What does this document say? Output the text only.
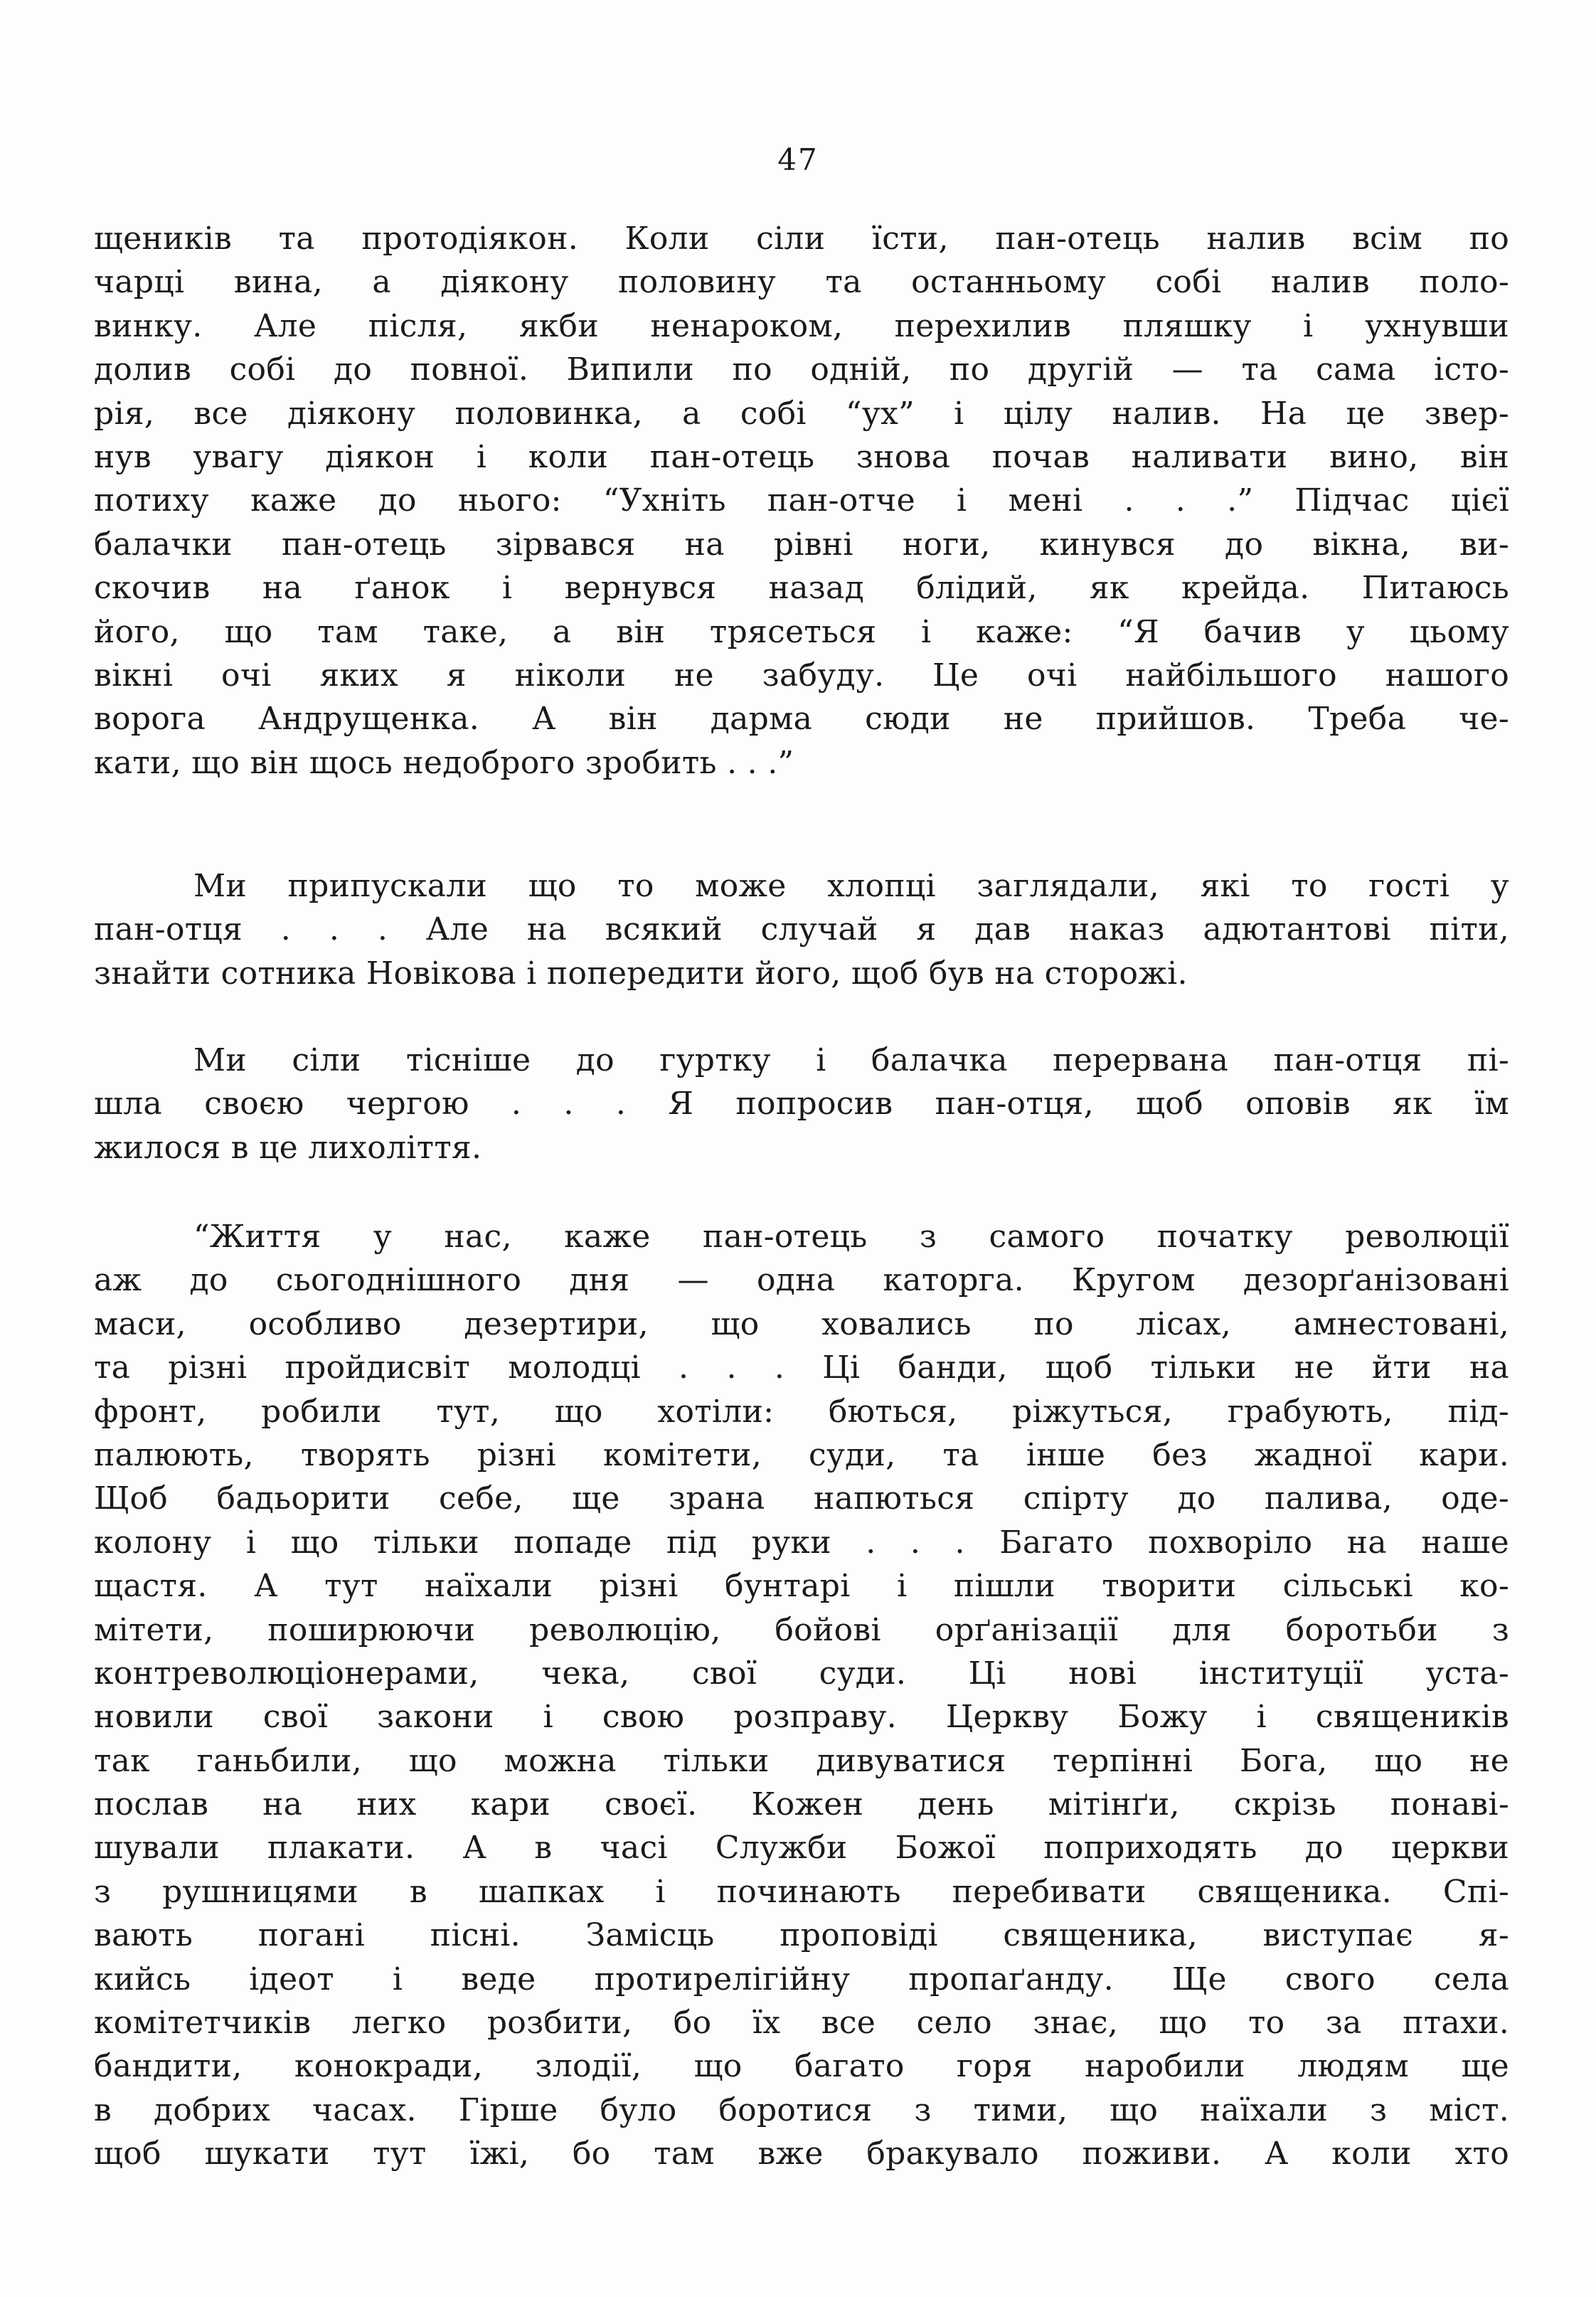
47
щеників та протодіякон. Коли сіли їсти, пан-отець налив всім по
чарці вина, а діякону половину та останньому собі налив поло-
винку. Але після, якби ненароком, перехилив пляшку і ухнувши
долив собі до повної. Випили по одній, по другій — та сама істо-
рія, все діякону половинка, а собі “ух” і цілу налив. На це звер-
нув увагу діякон і коли пан-отець знова почав наливати вино, він
потиху каже до нього: “Ухніть пан-отче і мені . . .” Підчас цієї
балачки пан-отець зірвався на рівні ноги, кинувся до вікна, ви-
скочив на ґанок і вернувся назад блідий, як крейда. Питаюсь
його, що там таке, а він трясеться і каже: “Я бачив у цьому
вікні очі яких я ніколи не забуду. Це очі найбільшого нашого
ворога Андрущенка. А він дарма сюди не прийшов. Треба че-
кати, що він щось недоброго зробить . . .”
Ми припускали що то може хлопці заглядали, які то гості у
пан-отця . . . Але на всякий случай я дав наказ адютантові піти,
знайти сотника Новікова і попередити його, щоб був на сторожі.
Ми сіли тісніше до гуртку і балачка перервана пан-отця пі-
шла своєю чергою . . . Я попросив пан-отця, щоб оповів як їм
жилося в це лихоліття.
“Життя у нас, каже пан-отець з самого початку революції
аж до сьогоднішного дня — одна каторга. Кругом дезорґанізовані
маси, особливо дезертири, що ховались по лісах, амнестовані,
та різні пройдисвіт молодці . . . Ці банди, щоб тільки не йти на
фронт, робили тут, що хотіли: бються, ріжуться, грабують, під-
палюють, творять різні комітети, суди, та інше без жадної кари.
Щоб бадьорити себе, ще зрана напються спірту до палива, оде-
колону і що тільки попаде під руки . . . Багато похворіло на наше
щастя. А тут наїхали різні бунтарі і пішли творити сільські ко-
мітети, поширюючи революцію, бойові орґанізації для боротьби з
контреволюціонерами, чека, свої суди. Ці нові інституції уста-
новили свої закони і свою розправу. Церкву Божу і священиків
так ганьбили, що можна тільки дивуватися терпінні Бога, що не
послав на них кари своєї. Кожен день мітінґи, скрізь понаві-
шували плакати. А в часі Служби Божої поприходять до церкви
з рушницями в шапках і починають перебивати священика. Спі-
вають погані пісні. Замісць проповіді священика, виступає я-
кийсь ідеот і веде протирелігійну пропаґанду. Ще свого села
комітетчиків легко розбити, бо їх все село знає, що то за птахи.
бандити, конокради, злодії, що багато горя наробили людям ще
в добрих часах. Гірше було боротися з тими, що наїхали з міст.
щоб шукати тут їжі, бо там вже бракувало поживи. А коли хто
